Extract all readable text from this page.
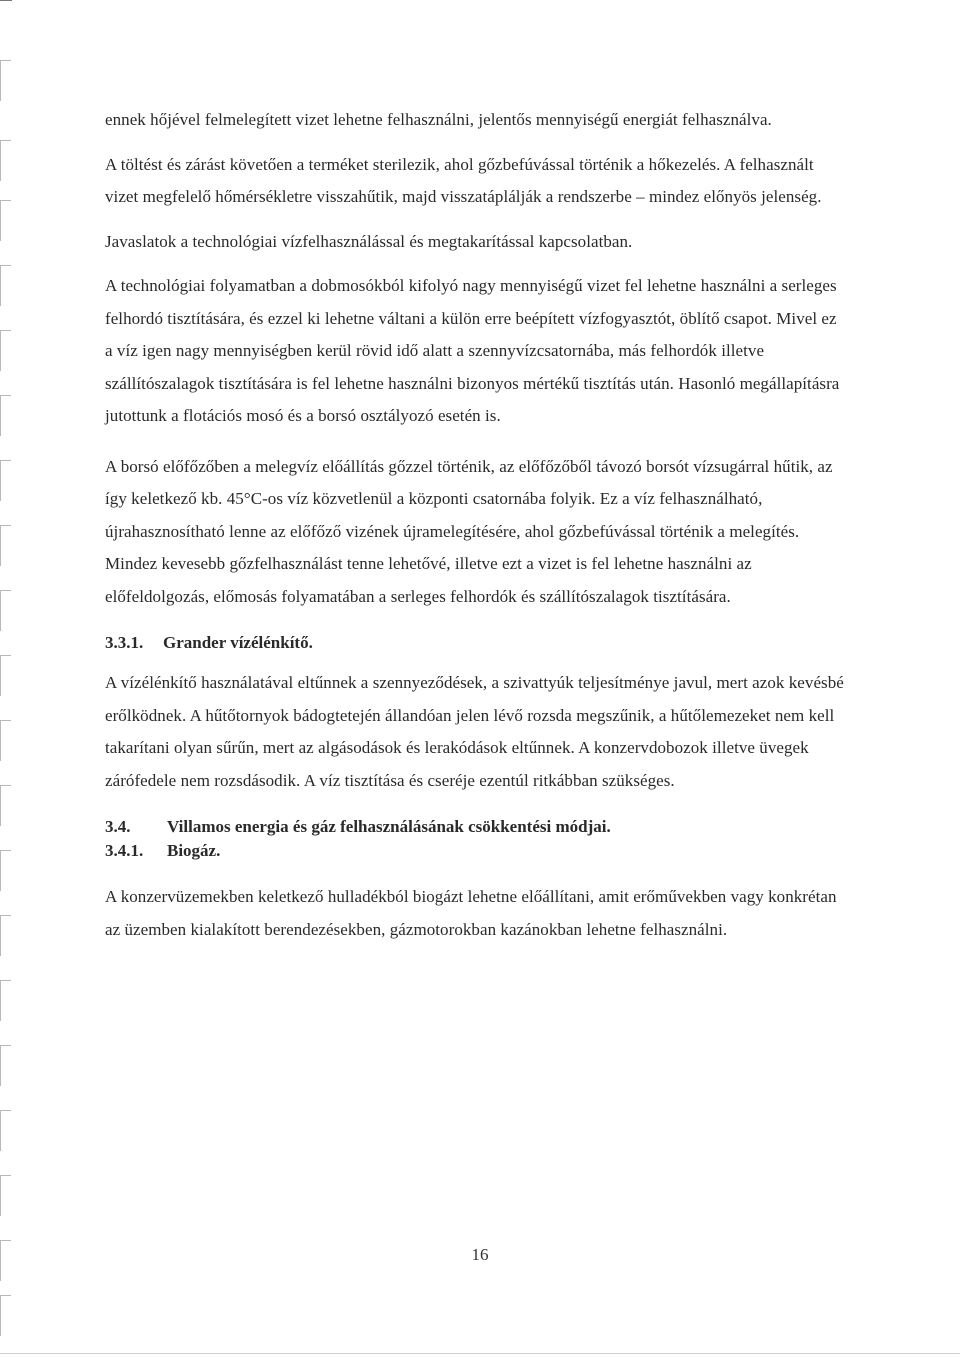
ennek hőjével felmelegített vizet lehetne felhasználni, jelentős mennyiségű energiát felhasználva.

A töltést és zárást követően a terméket sterilezik, ahol gőzbefúvással történik a hőkezelés. A felhasznált vizet megfelelő hőmérsékletre visszahűtik, majd visszatáplálják a rendszerbe – mindez előnyös jelenség.

Javaslatok a technológiai vízfelhasználással és megtakarítással kapcsolatban.

A technológiai folyamatban a dobmosókból kifolyó nagy mennyiségű vizet fel lehetne használni a serleges felhordó tisztítására, és ezzel ki lehetne váltani a külön erre beépített vízfogyasztót, öblítő csapot. Mivel ez a víz igen nagy mennyiségben kerül rövid idő alatt a szennyvízcsatornába, más felhordók illetve szállítószalagok tisztítására is fel lehetne használni bizonyos mértékű tisztítás után. Hasonló megállapításra jutottunk a flotációs mosó és a borsó osztályozó esetén is.

A borsó előfőzőben a melegvíz előállítás gőzzel történik, az előfőzőből távozó borsót vízsugárral hűtik, az így keletkező kb. 45°C-os víz közvetlenül a központi csatornába folyik. Ez a víz felhasználható, újrahasznosítható lenne az előfőző vizének újramelegítésére, ahol gőzbefúvással történik a melegítés. Mindez kevesebb gőzfelhasználást tenne lehetővé, illetve ezt a vizet is fel lehetne használni az előfeldolgozás, előmosás folyamatában a serleges felhordók és szállítószalagok tisztítására.

3.3.1.	Grander vízélénkítő.

A vízélénkítő használatával eltűnnek a szennyeződések, a szivattyúk teljesítménye javul, mert azok kevésbé erőlködnek. A hűtőtornyok bádogtetején állandóan jelen lévő rozsda megszűnik, a hűtőlemezeket nem kell takarítani olyan sűrűn, mert az algásodások és lerakódások eltűnnek. A konzervdobozok illetve üvegek zárófedele nem rozsdásodik. A víz tisztítása és cseréje ezentúl ritkábban szükséges.

3.4.	Villamos energia és gáz felhasználásának csökkentési módjai.
3.4.1.	Biogáz.

A konzervüzemekben keletkező hulladékból biogázt lehetne előállítani, amit erőművekben vagy konkrétan az üzemben kialakított berendezésekben, gázmotorokban kazánokban lehetne felhasználni.

16
